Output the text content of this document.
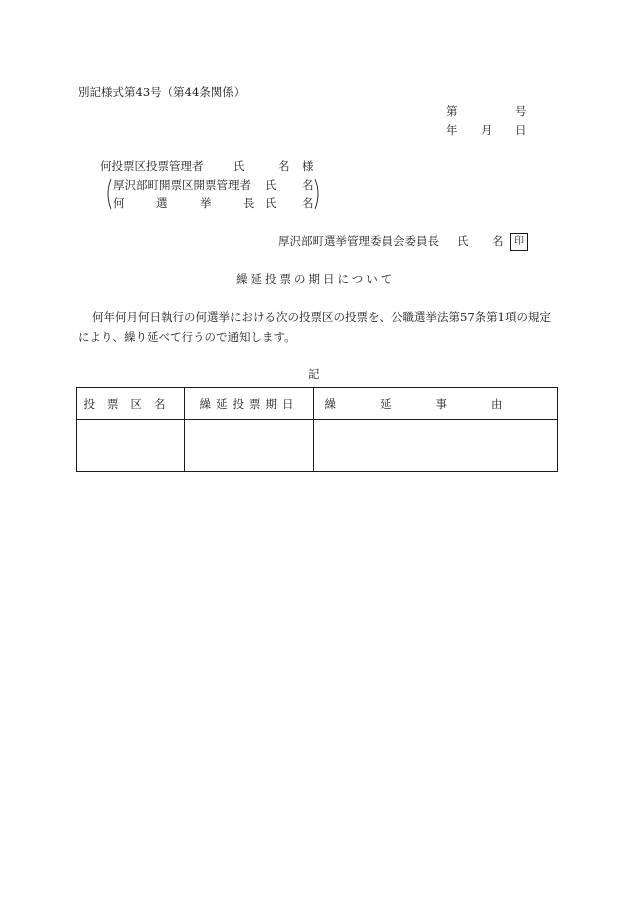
別記様式第43号（第44条関係）
第	号
年 月 日
何投票区投票管理者	氏	名 様
厚沢部町開票区開票管理者 氏 名
何	選	挙	長 氏 名
厚沢部町選挙管理委員会委員長 氏 名	印
繰延投票の期日について
何年何月何日執行の何選挙における次の投票区の投票を、公職選挙法第57条第1項の規定
により、繰り延べて行うので通知します。
記
投票区名	繰延投票期日	繰延事由
